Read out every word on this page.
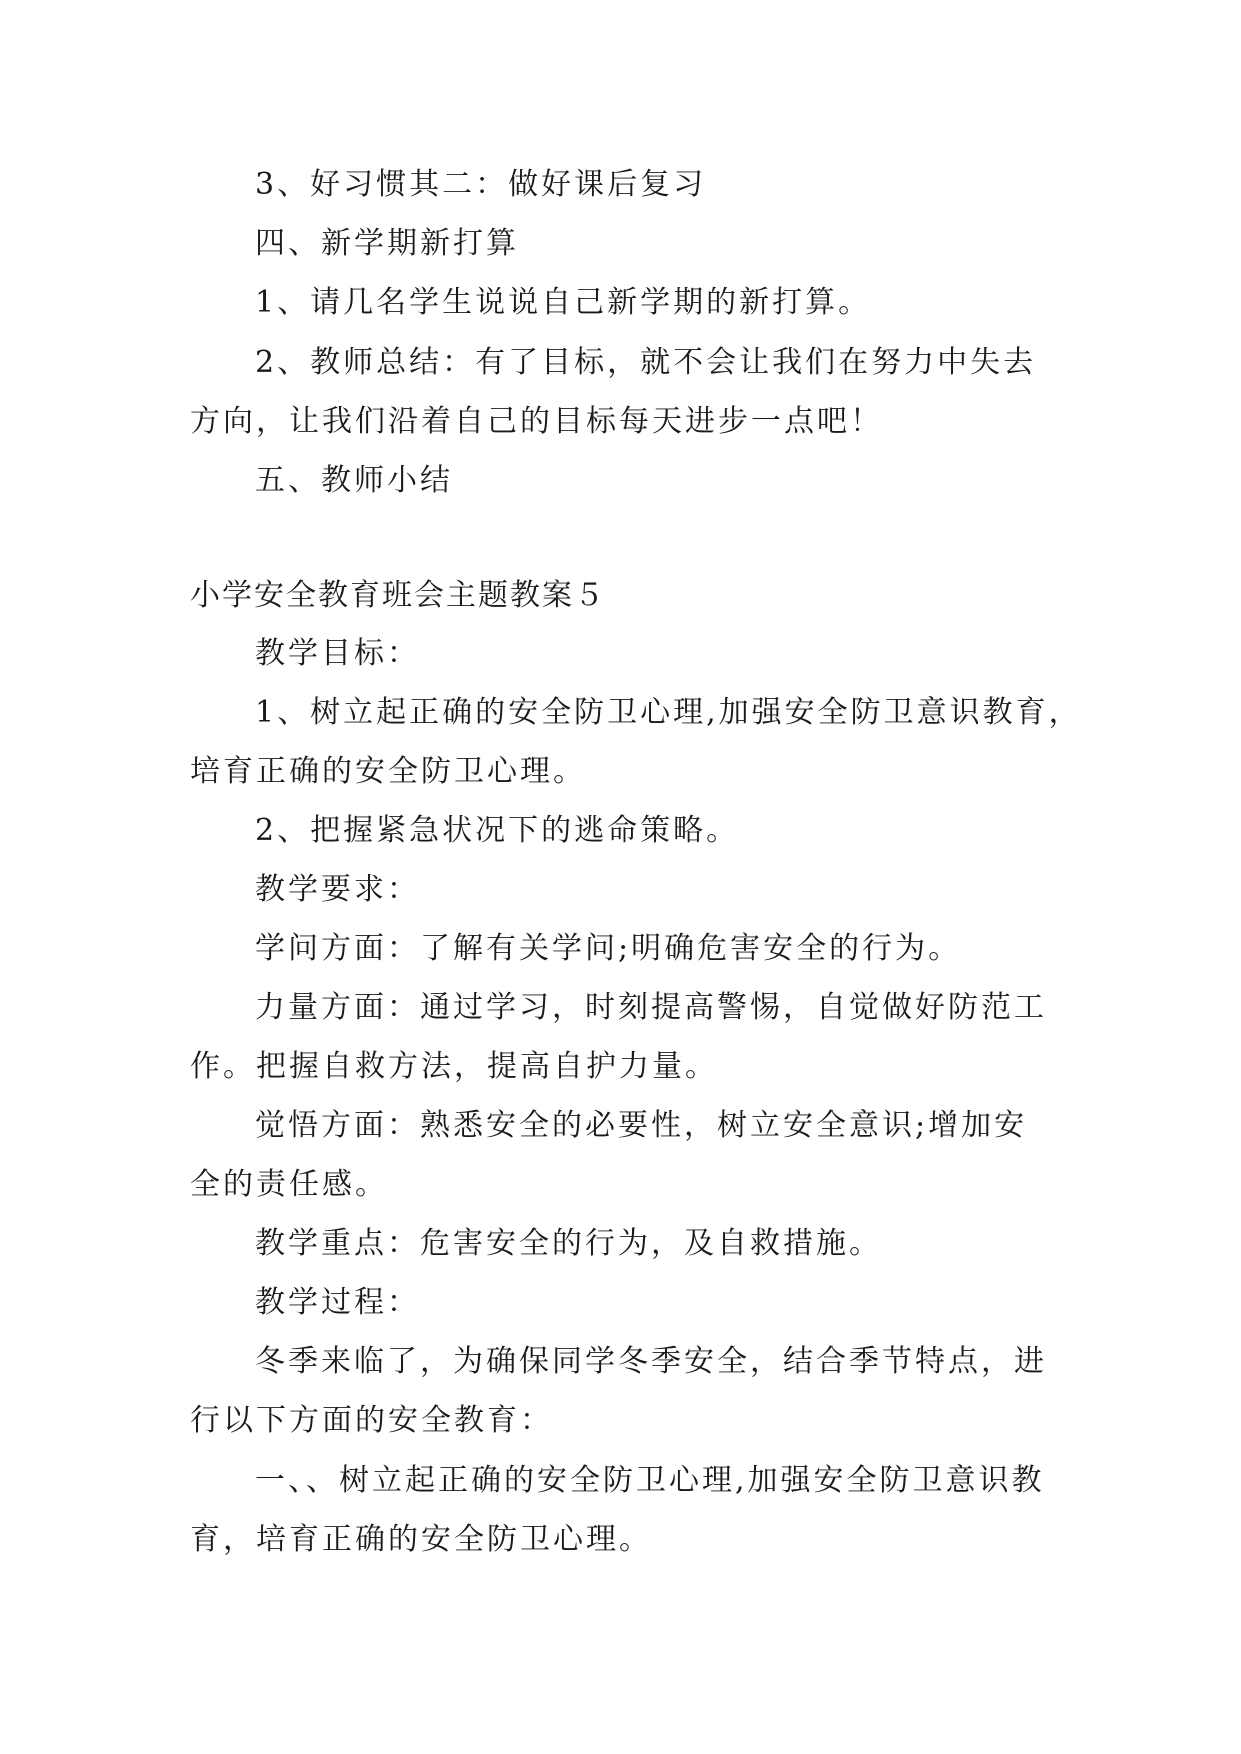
3、好习惯其二：做好课后复习

四、新学期新打算

1、请几名学生说说自己新学期的新打算。

2、教师总结：有了目标，就不会让我们在努力中失去

方向，让我们沿着自己的目标每天进步一点吧！

五、教师小结

小学安全教育班会主题教案５

教学目标：

1、树立起正确的安全防卫心理,加强安全防卫意识教育，

培育正确的安全防卫心理。

2、把握紧急状况下的逃命策略。

教学要求：

学问方面：了解有关学问;明确危害安全的行为。

力量方面：通过学习，时刻提高警惕，自觉做好防范工

作。把握自救方法，提高自护力量。

觉悟方面：熟悉安全的必要性，树立安全意识;增加安

全的责任感。

教学重点：危害安全的行为，及自救措施。

教学过程：

冬季来临了，为确保同学冬季安全，结合季节特点，进

行以下方面的安全教育：

一、、树立起正确的安全防卫心理,加强安全防卫意识教

育，培育正确的安全防卫心理。
